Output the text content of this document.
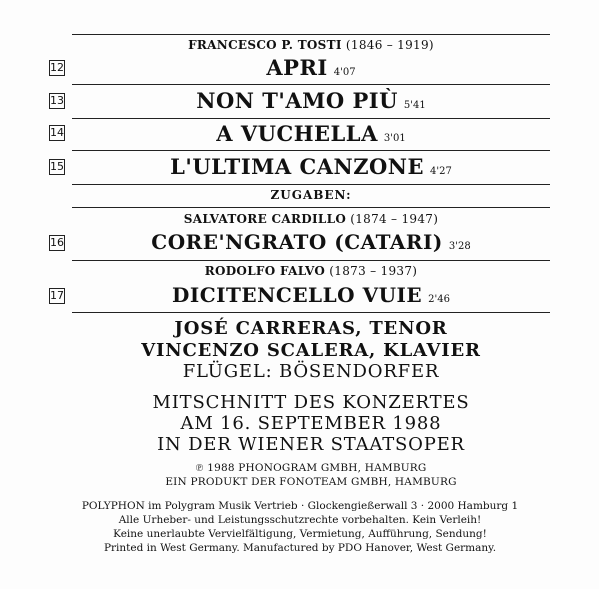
FRANCESCO P. TOSTI (1846 – 1919)
12	APRI 4'07
13	NON T'AMO PIÙ 5'41
14	A VUCHELLA 3'01
15	L'ULTIMA CANZONE 4'27
ZUGABEN:
SALVATORE CARDILLO (1874 – 1947)
16	CORE'NGRATO (CATARI) 3'28
RODOLFO FALVO (1873 – 1937)
17	DICITENCELLO VUIE 2'46
JOSÉ CARRERAS, TENOR
VINCENZO SCALERA, KLAVIER
FLÜGEL: BÖSENDORFER
MITSCHNITT DES KONZERTES
AM 16. SEPTEMBER 1988
IN DER WIENER STAATSOPER
℗ 1988 PHONOGRAM GMBH, HAMBURG
EIN PRODUKT DER FONOTEAM GMBH, HAMBURG
POLYPHON im Polygram Musik Vertrieb · Glockengießerwall 3 · 2000 Hamburg 1
Alle Urheber- und Leistungsschutzrechte vorbehalten. Kein Verleih!
Keine unerlaubte Vervielfältigung, Vermietung, Aufführung, Sendung!
Printed in West Germany. Manufactured by PDO Hanover, West Germany.
